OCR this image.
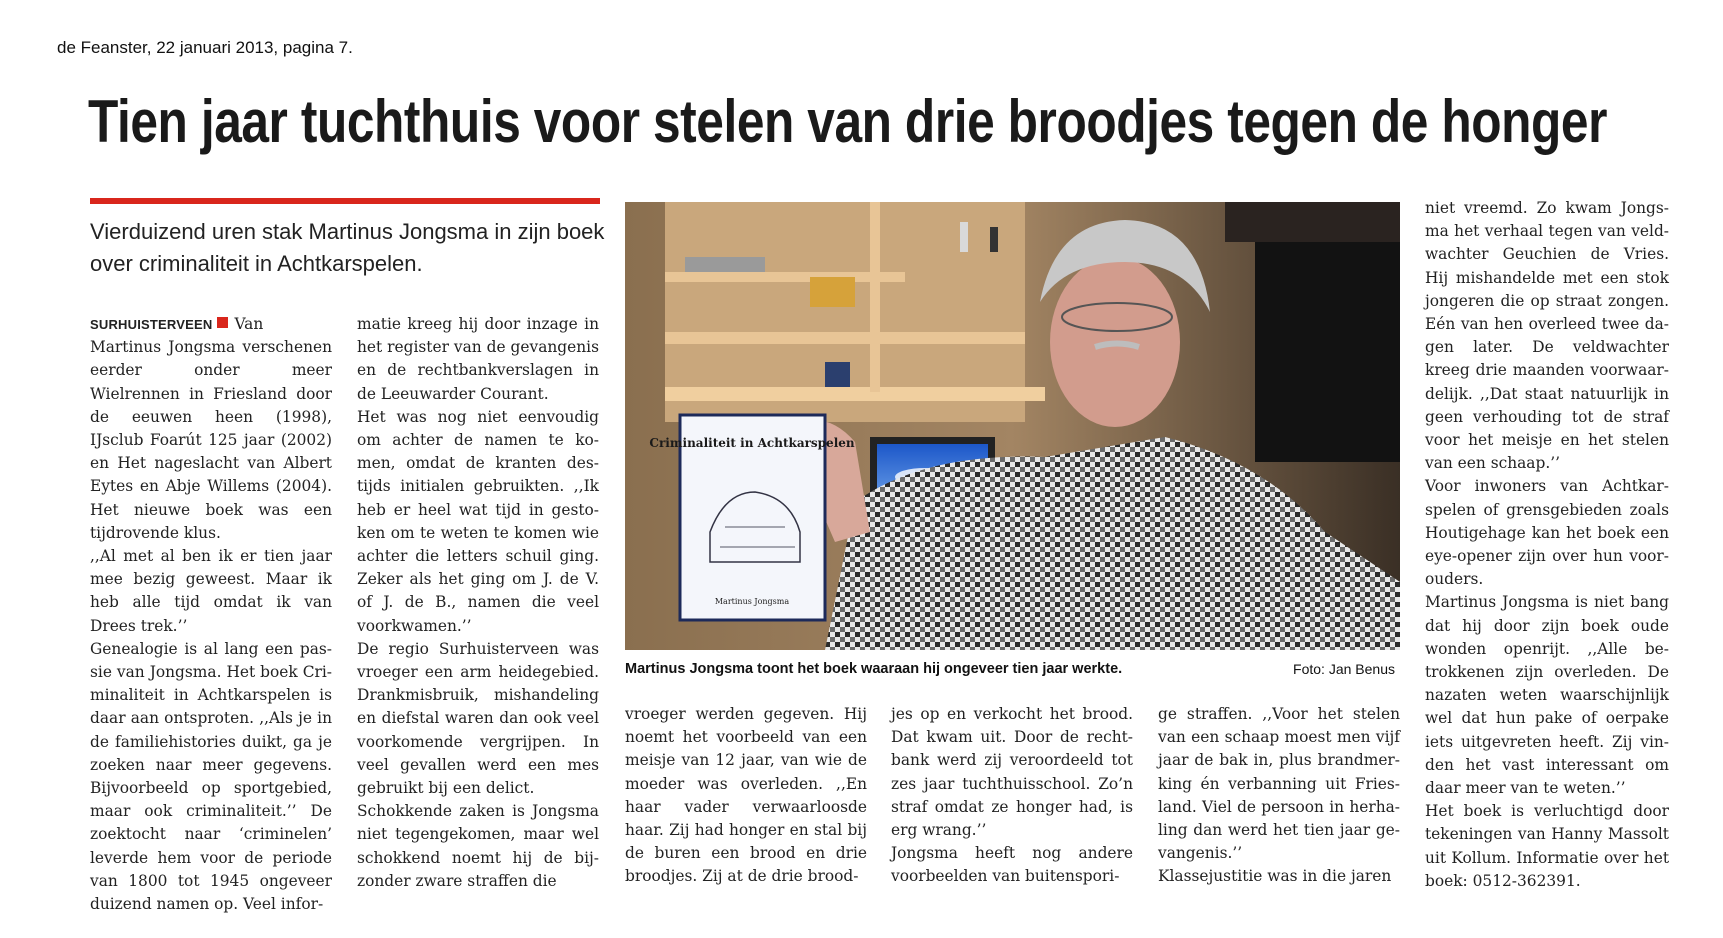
de Feanster, 22 januari 2013, pagina 7.
Tien jaar tuchthuis voor stelen van drie broodjes tegen de honger

Vierduizend uren stak Martinus Jongsma in zijn boek over criminaliteit in Achtkarspelen.

SURHUISTERVEEN Van Martinus Jongsma verschenen eerder onder meer Wielrennen in Friesland door de eeuwen heen (1998), IJsclub Foarút 125 jaar (2002) en Het nageslacht van Albert Eytes en Abje Willems (2004). Het nieuwe boek was een tijdrovende klus.

,,Al met al ben ik er tien jaar mee bezig geweest. Maar ik heb alle tijd omdat ik van Drees trek.’’

Genealogie is al lang een passie van Jongsma. Het boek Criminaliteit in Achtkarspelen is daar aan ontsproten. ,,Als je in de familiehistories duikt, ga je zoeken naar meer gegevens. Bijvoorbeeld op sportgebied, maar ook criminaliteit.’’ De zoektocht naar ‘criminelen’ leverde hem voor de periode van 1800 tot 1945 ongeveer duizend namen op. Veel infor-

matie kreeg hij door inzage in het register van de gevangenis en de rechtbankverslagen in de Leeuwarder Courant.

Het was nog niet eenvoudig om achter de namen te komen, omdat de kranten destijds initialen gebruikten. ,,Ik heb er heel wat tijd in gestoken om te weten te komen wie achter die letters schuil ging. Zeker als het ging om J. de V. of J. de B., namen die veel voorkwamen.’’

De regio Surhuisterveen was vroeger een arm heidegebied. Drankmisbruik, mishandeling en diefstal waren dan ook veel voorkomende vergrijpen. In veel gevallen werd een mes gebruikt bij een delict.

Schokkende zaken is Jongsma niet tegengekomen, maar wel schokkend noemt hij de bijzonder zware straffen die

Criminaliteit in Achtkarspelen
Martinus Jongsma
Martinus Jongsma toont het boek waaraan hij ongeveer tien jaar werkte.	Foto: Jan Benus

vroeger werden gegeven. Hij noemt het voorbeeld van een meisje van 12 jaar, van wie de moeder was overleden. ,,En haar vader verwaarloosde haar. Zij had honger en stal bij de buren een brood en drie broodjes. Zij at de drie brood-

jes op en verkocht het brood. Dat kwam uit. Door de rechtbank werd zij veroordeeld tot zes jaar tuchthuisschool. Zo’n straf omdat ze honger had, is erg wrang.’’

Jongsma heeft nog andere voorbeelden van buitenspori-

ge straffen. ,,Voor het stelen van een schaap moest men vijf jaar de bak in, plus brandmerking én verbanning uit Friesland. Viel de persoon in herhaling dan werd het tien jaar gevangenis.’’

Klassejustitie was in die jaren

niet vreemd. Zo kwam Jongsma het verhaal tegen van veldwachter Geuchien de Vries. Hij mishandelde met een stok jongeren die op straat zongen. Eén van hen overleed twee dagen later. De veldwachter kreeg drie maanden voorwaardelijk. ,,Dat staat natuurlijk in geen verhouding tot de straf voor het meisje en het stelen van een schaap.’’

Voor inwoners van Achtkarspelen of grensgebieden zoals Houtigehage kan het boek een eye-opener zijn over hun voorouders.

Martinus Jongsma is niet bang dat hij door zijn boek oude wonden openrijt. ,,Alle betrokkenen zijn overleden. De nazaten weten waarschijnlijk wel dat hun pake of oerpake iets uitgevreten heeft. Zij vinden het vast interessant om daar meer van te weten.’’

Het boek is verluchtigd door tekeningen van Hanny Massolt uit Kollum. Informatie over het boek: 0512-362391.
